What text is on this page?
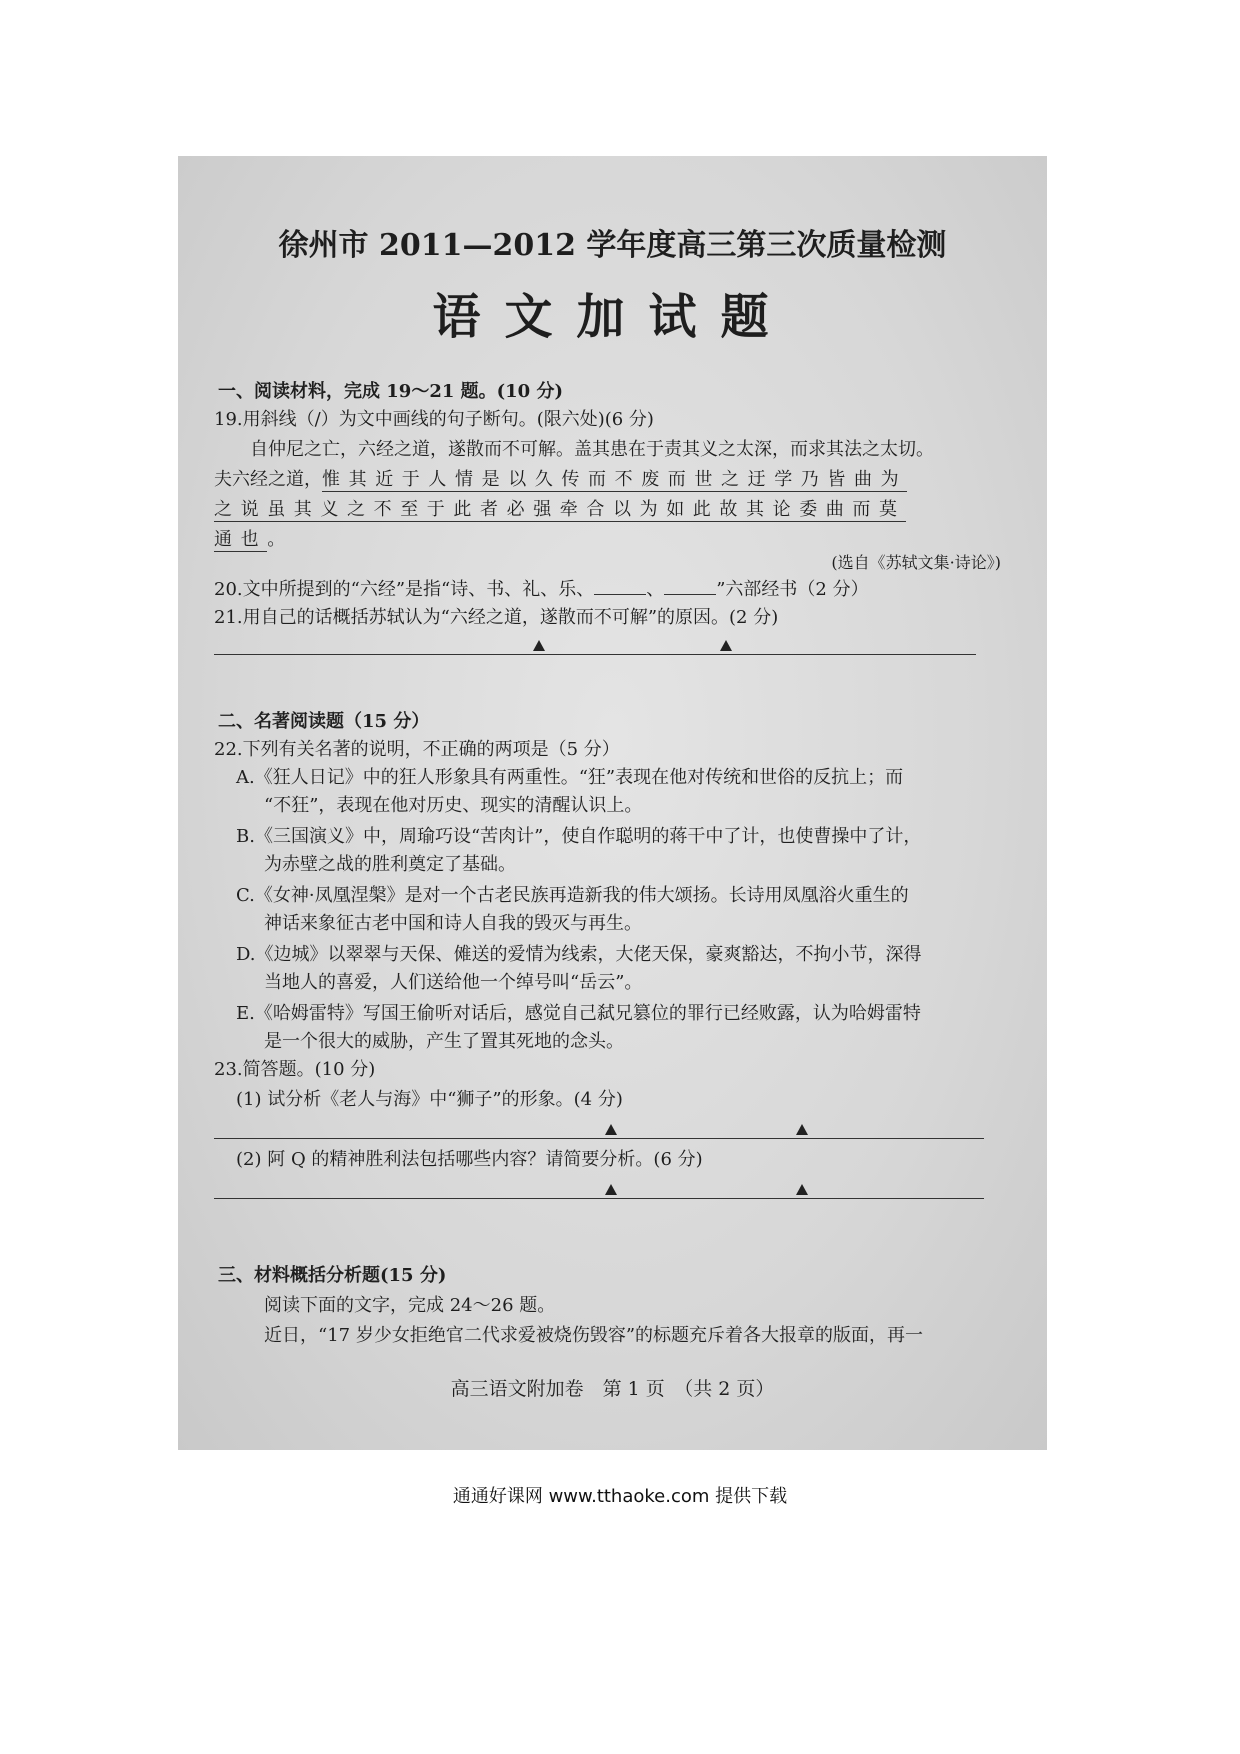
徐州市 2011—2012 学年度高三第三次质量检测
语文加试题
一、阅读材料，完成 19～21 题。(10 分)
19.用斜线（/）为文中画线的句子断句。(限六处)(6 分)
自仲尼之亡，六经之道，遂散而不可解。盖其患在于责其义之太深，而求其法之太切。
夫六经之道，惟其近于人情是以久传而不废而世之迂学乃皆曲为
之说虽其义之不至于此者必强牵合以为如此故其论委曲而莫
通也。
(选自《苏轼文集·诗论》)
20.文中所提到的“六经”是指“诗、书、礼、乐、	、	”六部经书（2 分）
21.用自己的话概括苏轼认为“六经之道，遂散而不可解”的原因。(2 分)
二、名著阅读题（15 分）
22.下列有关名著的说明，不正确的两项是（5 分）
A.《狂人日记》中的狂人形象具有两重性。“狂”表现在他对传统和世俗的反抗上；而
“不狂”，表现在他对历史、现实的清醒认识上。
B.《三国演义》中，周瑜巧设“苦肉计”，使自作聪明的蒋干中了计，也使曹操中了计，
为赤壁之战的胜利奠定了基础。
C.《女神·凤凰涅槃》是对一个古老民族再造新我的伟大颂扬。长诗用凤凰浴火重生的
神话来象征古老中国和诗人自我的毁灭与再生。
D.《边城》以翠翠与天保、傩送的爱情为线索，大佬天保，豪爽豁达，不拘小节，深得
当地人的喜爱，人们送给他一个绰号叫“岳云”。
E.《哈姆雷特》写国王偷听对话后，感觉自己弑兄篡位的罪行已经败露，认为哈姆雷特
是一个很大的威胁，产生了置其死地的念头。
23.简答题。(10 分)
(1) 试分析《老人与海》中“狮子”的形象。(4 分)
(2) 阿 Q 的精神胜利法包括哪些内容？请简要分析。(6 分)
三、材料概括分析题(15 分)
阅读下面的文字，完成 24～26 题。
近日，“17 岁少女拒绝官二代求爱被烧伤毁容”的标题充斥着各大报章的版面，再一
高三语文附加卷　第 1 页　（共 2 页）
通通好课网 www.tthaoke.com 提供下载
